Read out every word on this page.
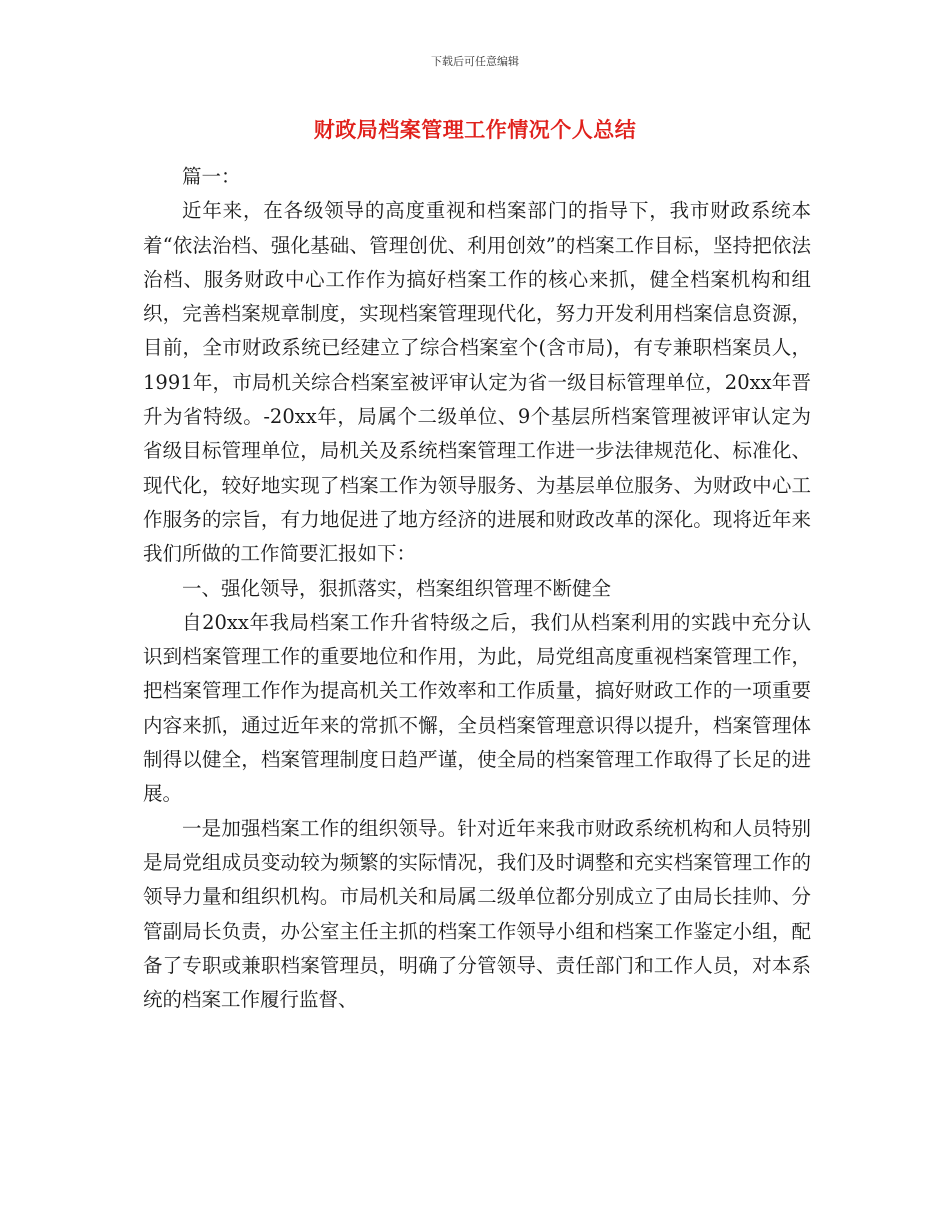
下载后可任意编辑
财政局档案管理工作情况个人总结

篇一：

近年来，在各级领导的高度重视和档案部门的指导下，我市财政系统本着“依法治档、强化基础、管理创优、利用创效”的档案工作目标，坚持把依法治档、服务财政中心工作作为搞好档案工作的核心来抓，健全档案机构和组织，完善档案规章制度，实现档案管理现代化，努力开发利用档案信息资源，目前，全市财政系统已经建立了综合档案室个(含市局)，有专兼职档案员人，1991年，市局机关综合档案室被评审认定为省一级目标管理单位，20xx年晋升为省特级。-20xx年，局属个二级单位、9个基层所档案管理被评审认定为省级目标管理单位，局机关及系统档案管理工作进一步法律规范化、标准化、现代化，较好地实现了档案工作为领导服务、为基层单位服务、为财政中心工作服务的宗旨，有力地促进了地方经济的进展和财政改革的深化。现将近年来我们所做的工作简要汇报如下：

一、强化领导，狠抓落实，档案组织管理不断健全

自20xx年我局档案工作升省特级之后，我们从档案利用的实践中充分认识到档案管理工作的重要地位和作用，为此，局党组高度重视档案管理工作，把档案管理工作作为提高机关工作效率和工作质量，搞好财政工作的一项重要内容来抓，通过近年来的常抓不懈，全员档案管理意识得以提升，档案管理体制得以健全，档案管理制度日趋严谨，使全局的档案管理工作取得了长足的进展。

一是加强档案工作的组织领导。针对近年来我市财政系统机构和人员特别是局党组成员变动较为频繁的实际情况，我们及时调整和充实档案管理工作的领导力量和组织机构。市局机关和局属二级单位都分别成立了由局长挂帅、分管副局长负责，办公室主任主抓的档案工作领导小组和档案工作鉴定小组，配备了专职或兼职档案管理员，明确了分管领导、责任部门和工作人员，对本系统的档案工作履行监督、
